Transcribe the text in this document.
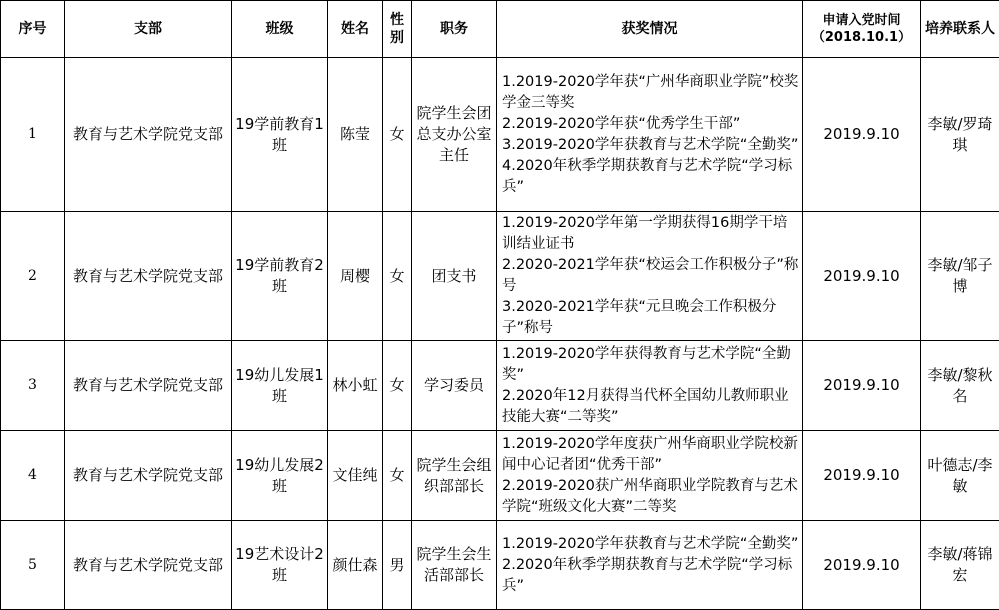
序号	支部	班级	姓名	性别	职务	获奖情况	申请入党时间（2018.10.1）	培养联系人
1	教育与艺术学院党支部	19学前教育1班	陈莹	女	院学生会团总支办公室主任	1.2019-2020学年获“广州华商职业学院”校奖学金三等奖
2.2019-2020学年获“优秀学生干部”
3.2019-2020学年获教育与艺术学院“全勤奖”
4.2020年秋季学期获教育与艺术学院“学习标兵”	2019.9.10	李敏/罗琦琪
2	教育与艺术学院党支部	19学前教育2班	周樱	女	团支书	1.2019-2020学年第一学期获得16期学干培训结业证书
2.2020-2021学年获“校运会工作积极分子”称号
3.2020-2021学年获“元旦晚会工作积极分子”称号	2019.9.10	李敏/邹子博
3	教育与艺术学院党支部	19幼儿发展1班	林小虹	女	学习委员	1.2019-2020学年获得教育与艺术学院“全勤奖”
2.2020年12月获得当代杯全国幼儿教师职业技能大赛“二等奖”	2019.9.10	李敏/黎秋名
4	教育与艺术学院党支部	19幼儿发展2班	文佳纯	女	院学生会组织部部长	1.2019-2020学年度获广州华商职业学院校新闻中心记者团“优秀干部”
2.2019-2020获广州华商职业学院教育与艺术学院“班级文化大赛”二等奖	2019.9.10	叶德志/李敏
5	教育与艺术学院党支部	19艺术设计2班	颜仕森	男	院学生会生活部部长	1.2019-2020学年获教育与艺术学院“全勤奖”
2.2020年秋季学期获教育与艺术学院“学习标兵”	2019.9.10	李敏/蒋锦宏
